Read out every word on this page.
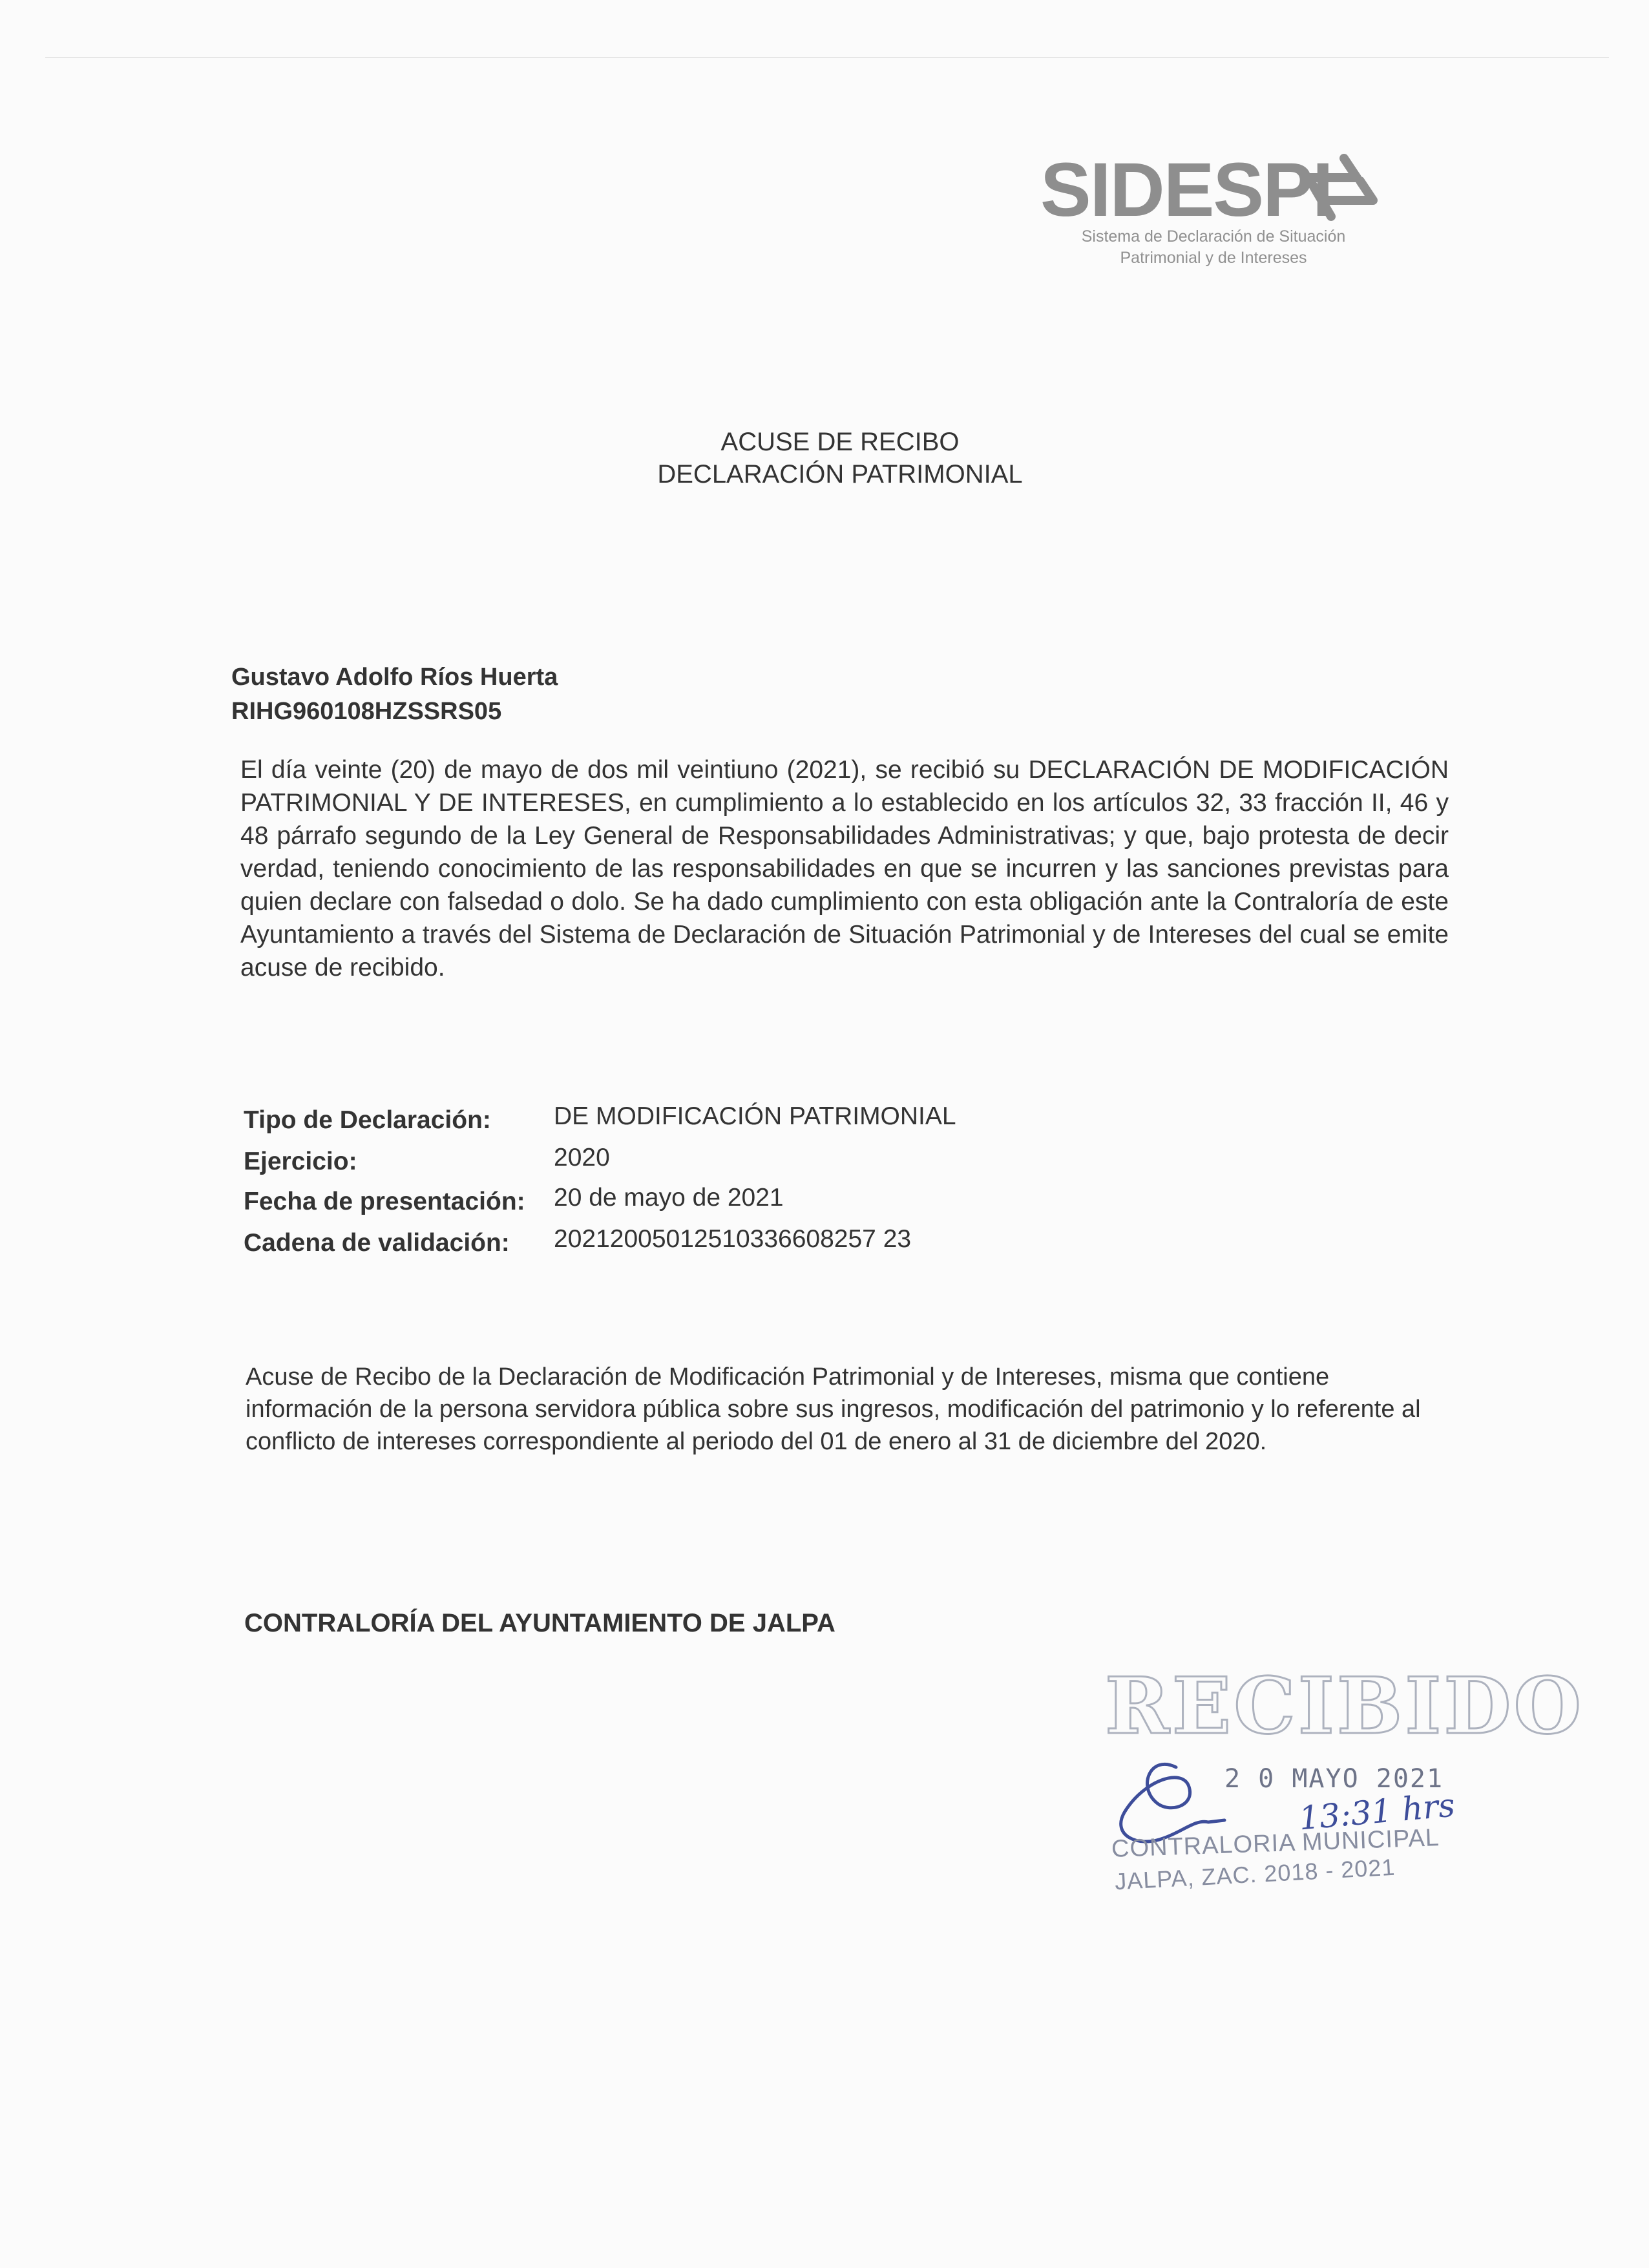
SIDESPI
Sistema de Declaración de Situación
Patrimonial y de Intereses
ACUSE DE RECIBO
DECLARACIÓN PATRIMONIAL
Gustavo Adolfo Ríos Huerta
RIHG960108HZSSRS05

El día veinte (20) de mayo de dos mil veintiuno (2021), se recibió su DECLARACIÓN DE MODIFICACIÓN PATRIMONIAL Y DE INTERESES, en cumplimiento a lo establecido en los artículos 32, 33 fracción II, 46 y 48 párrafo segundo de la Ley General de Responsabilidades Administrativas; y que, bajo protesta de decir verdad, teniendo conocimiento de las responsabilidades en que se incurren y las sanciones previstas para quien declare con falsedad o dolo. Se ha dado cumplimiento con esta obligación ante la Contraloría de este Ayuntamiento a través del Sistema de Declaración de Situación Patrimonial y de Intereses del cual se emite acuse de recibido.

Tipo de Declaración: DE MODIFICACIÓN PATRIMONIAL
Ejercicio:	2020
Fecha de presentación: 20 de mayo de 2021
Cadena de validación: 20212005012510336608257 23

Acuse de Recibo de la Declaración de Modificación Patrimonial y de Intereses, misma que contiene información de la persona servidora pública sobre sus ingresos, modificación del patrimonio y lo referente al conflicto de intereses correspondiente al periodo del 01 de enero al 31 de diciembre del 2020.

CONTRALORÍA DEL AYUNTAMIENTO DE JALPA
RECIBIDO
2 0 MAYO 2021
13:31 hrs
CONTRALORIA MUNICIPAL
JALPA, ZAC. 2018 - 2021
